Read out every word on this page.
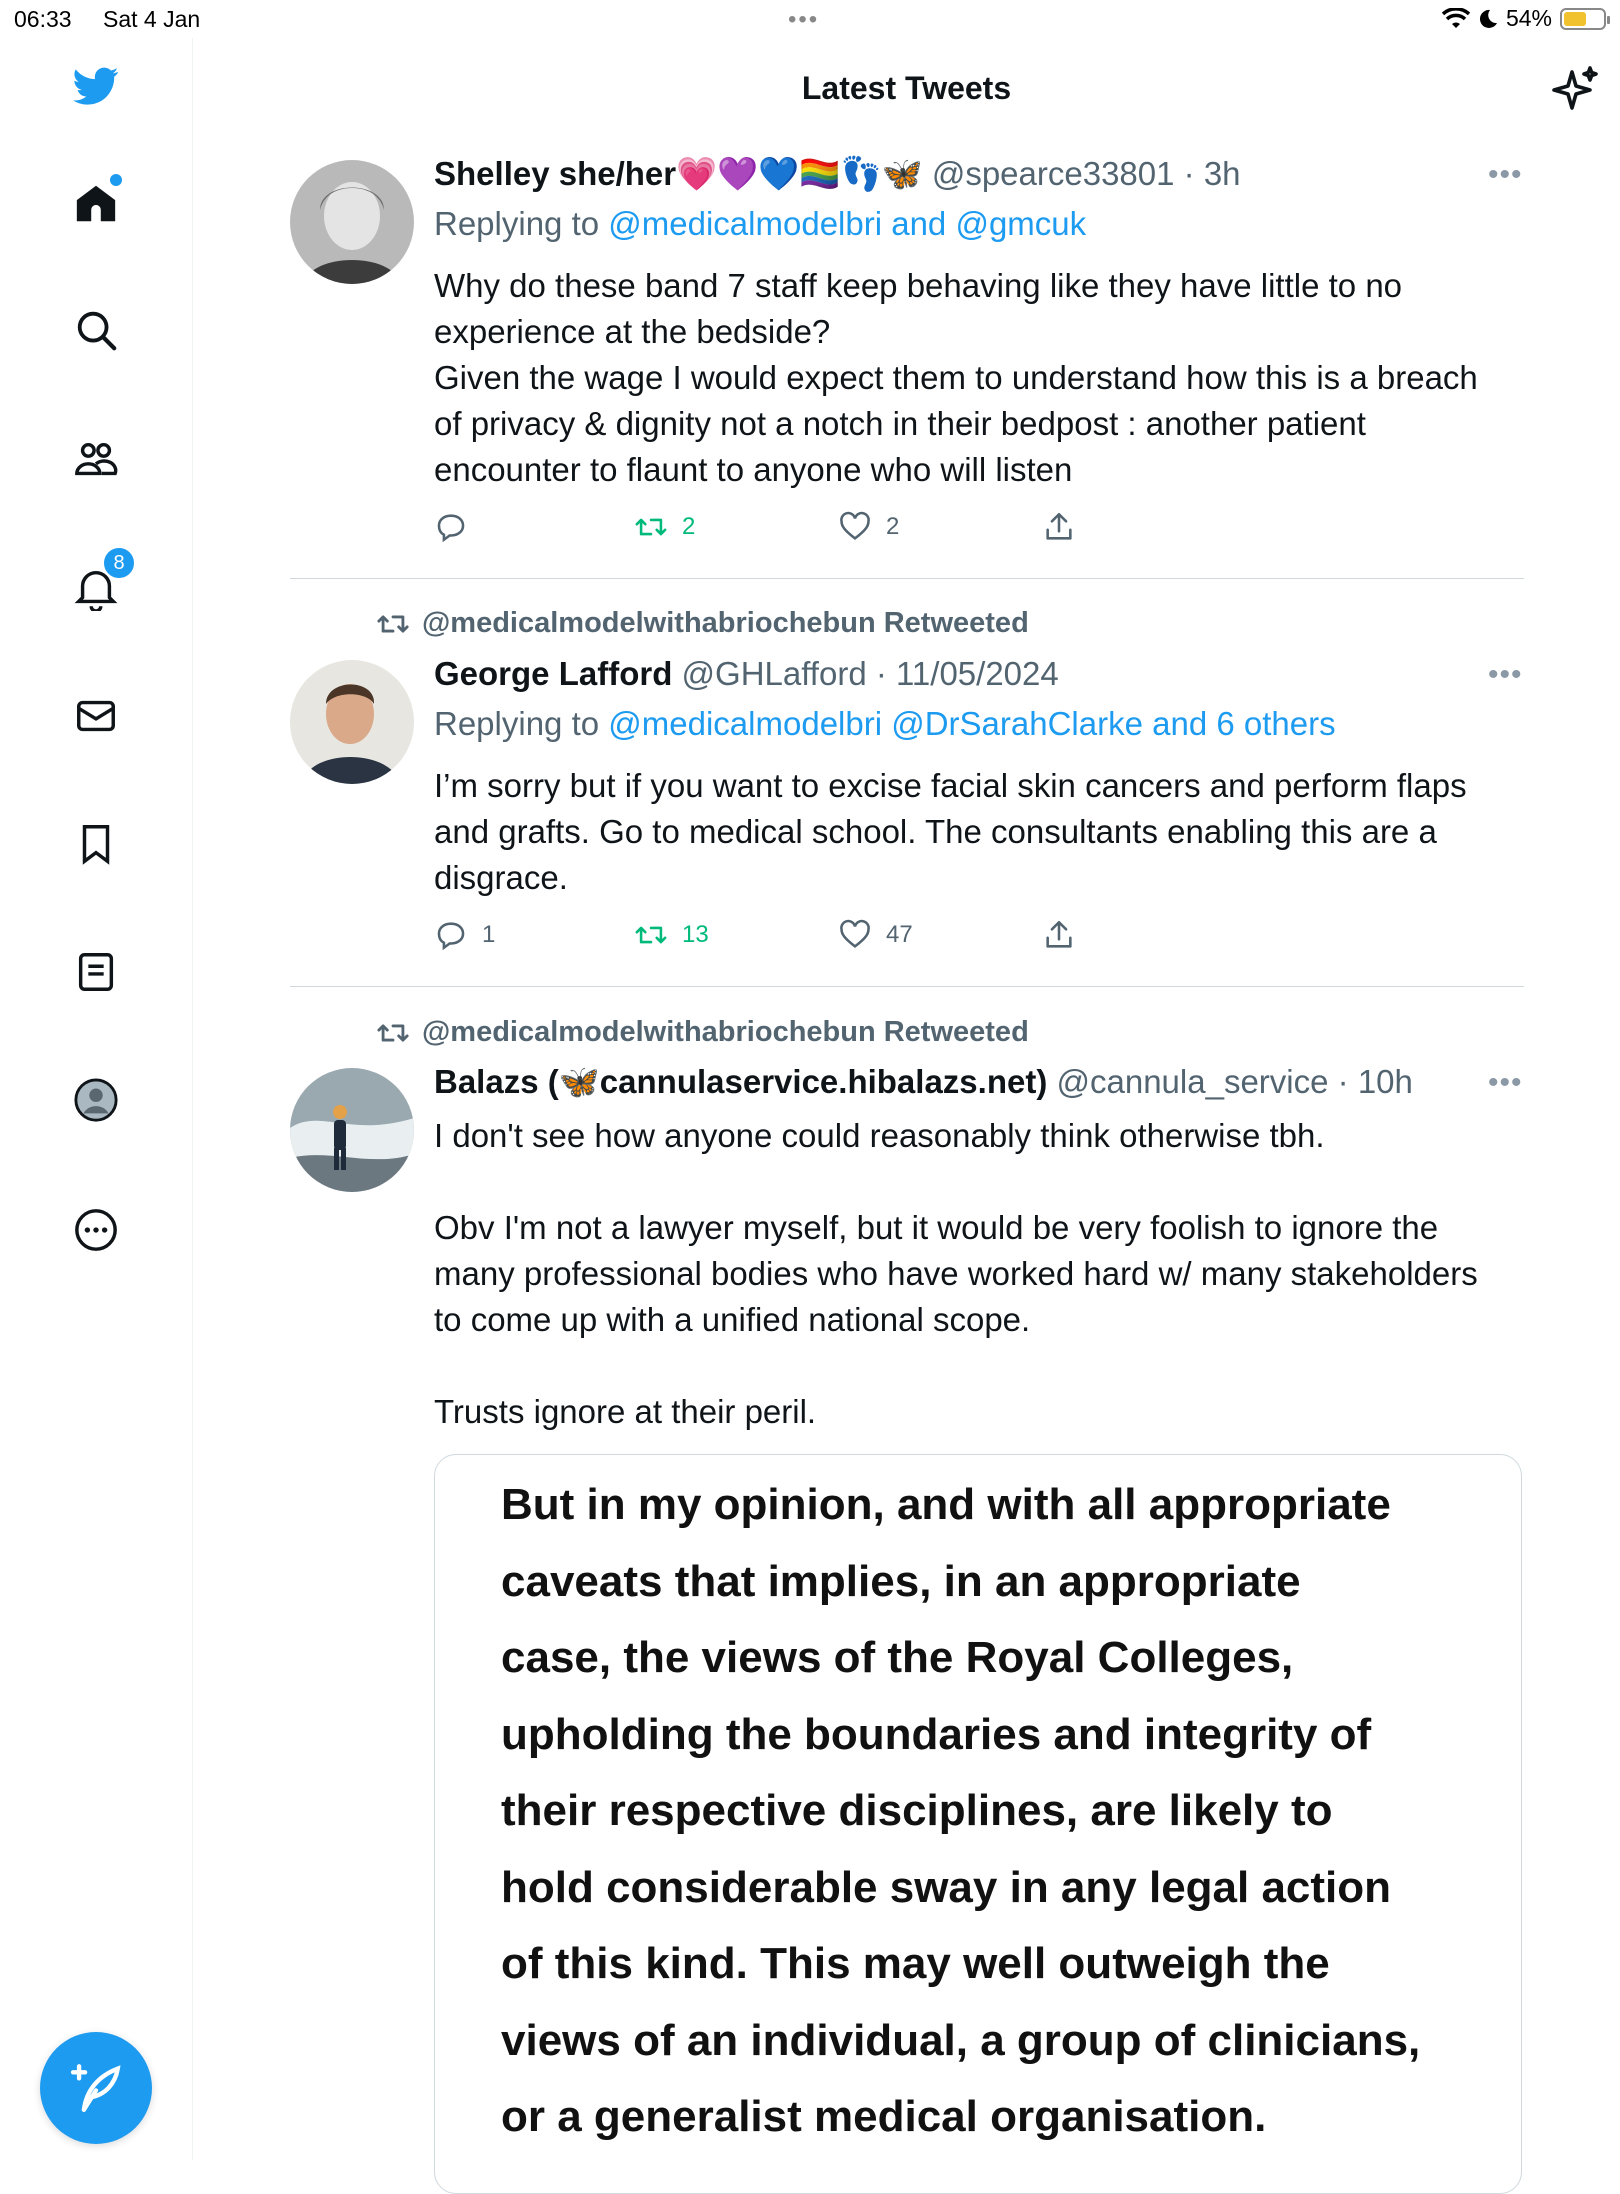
06:33 Sat 4 Jan	•••	54%
8
Latest Tweets
Shelley she/her💗💜💙🏳️‍🌈👣🦋 @spearce33801 · 3h	•••
Replying to @medicalmodelbri and @gmcuk
Why do these band 7 staff keep behaving like they have little to no
experience at the bedside?
Given the wage I would expect them to understand how this is a breach
of privacy & dignity not a notch in their bedpost : another patient
encounter to flaunt to anyone who will listen
2	2
@medicalmodelwithabriochebun Retweeted
George Lafford @GHLafford · 11/05/2024	•••
Replying to @medicalmodelbri @DrSarahClarke and 6 others
I’m sorry but if you want to excise facial skin cancers and perform flaps
and grafts. Go to medical school. The consultants enabling this are a
disgrace.
1	13	47
@medicalmodelwithabriochebun Retweeted
Balazs (🦋cannulaservice.hibalazs.net) @cannula_service · 10h	•••
I don't see how anyone could reasonably think otherwise tbh.

Obv I'm not a lawyer myself, but it would be very foolish to ignore the
many professional bodies who have worked hard w/ many stakeholders
to come up with a unified national scope.

Trusts ignore at their peril.
But in my opinion, and with all appropriate
caveats that implies, in an appropriate
case, the views of the Royal Colleges,
upholding the boundaries and integrity of
their respective disciplines, are likely to
hold considerable sway in any legal action
of this kind. This may well outweigh the
views of an individual, a group of clinicians,
or a generalist medical organisation.
